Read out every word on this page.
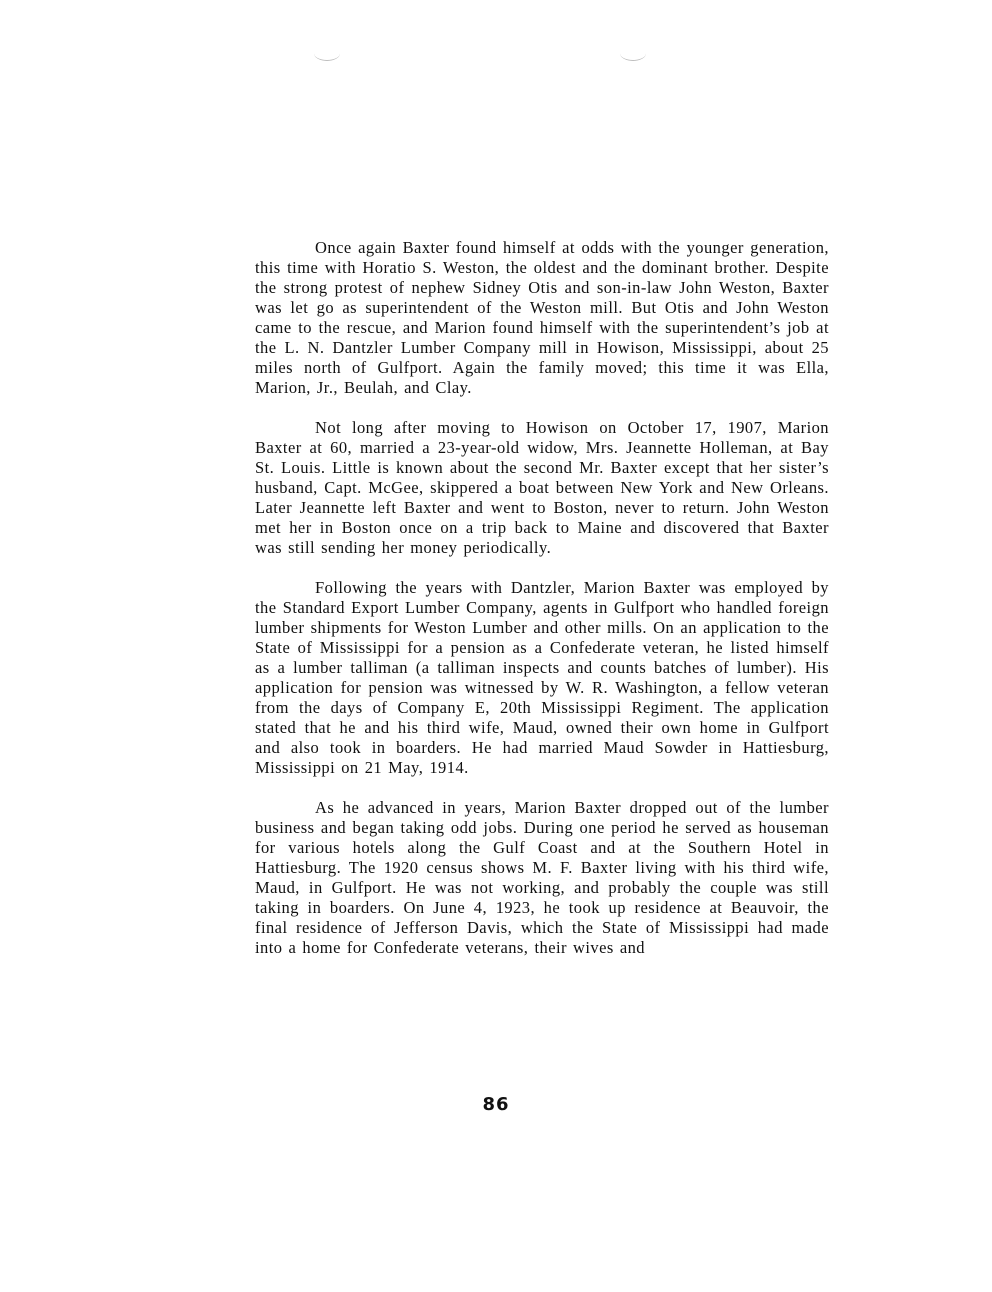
Once again Baxter found himself at odds with the younger generation, this time with Horatio S. Weston, the oldest and the dominant brother. Despite the strong protest of nephew Sidney Otis and son-in-law John Weston, Baxter was let go as superintendent of the Weston mill. But Otis and John Weston came to the rescue, and Marion found himself with the superintendent’s job at the L. N. Dantzler Lumber Company mill in Howison, Mississippi, about 25 miles north of Gulfport. Again the family moved; this time it was Ella, Marion, Jr., Beulah, and Clay.

Not long after moving to Howison on October 17, 1907, Marion Baxter at 60, married a 23-year-old widow, Mrs. Jeannette Holleman, at Bay St. Louis. Little is known about the second Mr. Baxter except that her sister’s husband, Capt. McGee, skippered a boat between New York and New Orleans. Later Jeannette left Baxter and went to Boston, never to return. John Weston met her in Boston once on a trip back to Maine and discovered that Baxter was still sending her money periodically.

Following the years with Dantzler, Marion Baxter was employed by the Standard Export Lumber Company, agents in Gulfport who handled foreign lumber shipments for Weston Lumber and other mills. On an application to the State of Mississippi for a pension as a Confederate veteran, he listed himself as a lumber talliman (a talliman inspects and counts batches of lumber). His application for pension was witnessed by W. R. Washington, a fellow veteran from the days of Company E, 20th Mississippi Regiment. The application stated that he and his third wife, Maud, owned their own home in Gulfport and also took in boarders. He had married Maud Sowder in Hattiesburg, Mississippi on 21 May, 1914.

As he advanced in years, Marion Baxter dropped out of the lumber business and began taking odd jobs. During one period he served as houseman for various hotels along the Gulf Coast and at the Southern Hotel in Hattiesburg. The 1920 census shows M. F. Baxter living with his third wife, Maud, in Gulfport. He was not working, and probably the couple was still taking in boarders. On June 4, 1923, he took up residence at Beauvoir, the final residence of Jefferson Davis, which the State of Mississippi had made into a home for Confederate veterans, their wives and

86
